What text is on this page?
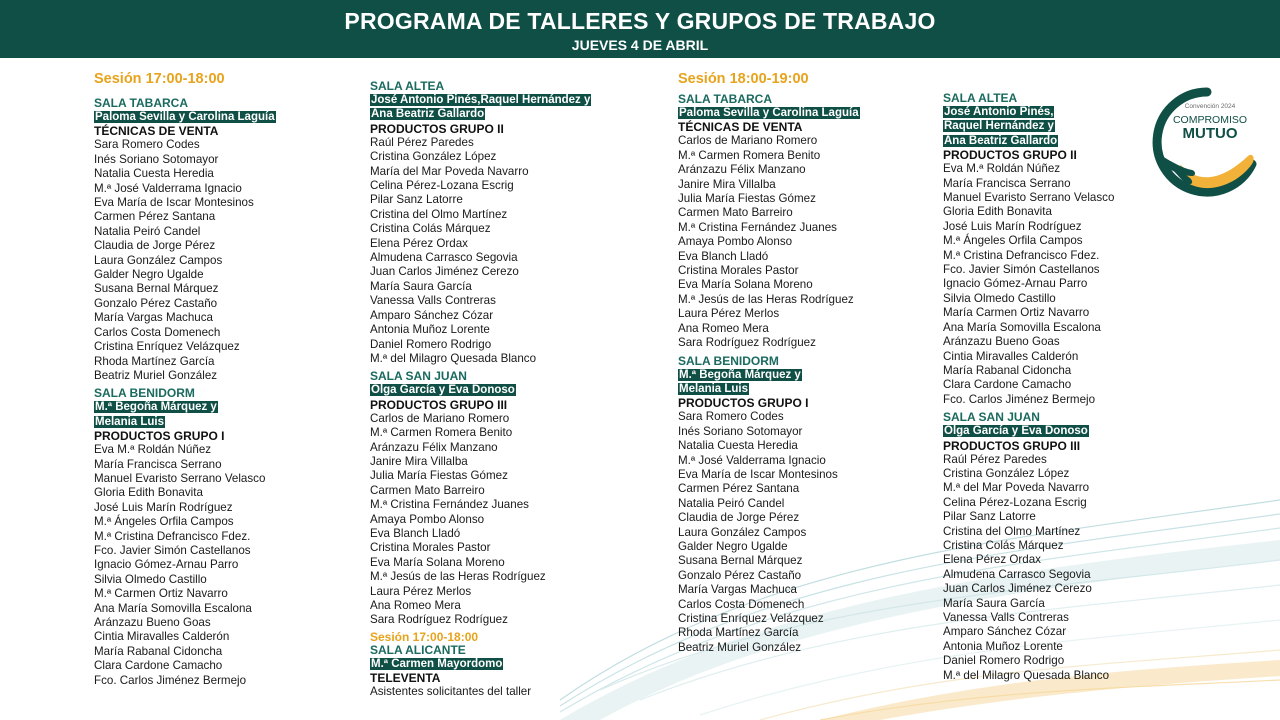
PROGRAMA DE TALLERES Y GRUPOS DE TRABAJO
JUEVES 4 DE ABRIL
Sesión 17:00-18:00
SALA TABARCA
Paloma Sevilla y Carolina Laguía
TÉCNICAS DE VENTA
Sara Romero Codes
Inés Soriano Sotomayor
Natalia Cuesta Heredia
M.ª José Valderrama Ignacio
Eva María de Iscar Montesinos
Carmen Pérez Santana
Natalia Peiró Candel
Claudia de Jorge Pérez
Laura González Campos
Galder Negro Ugalde
Susana Bernal Márquez
Gonzalo Pérez Castaño
María Vargas Machuca
Carlos Costa Domenech
Cristina Enríquez Velázquez
Rhoda Martínez García
Beatriz Muriel González
SALA BENIDORM
M.ª Begoña Márquez y Melania Luis
PRODUCTOS GRUPO I
Eva M.ª Roldán Núñez
María Francisca Serrano
Manuel Evaristo Serrano Velasco
Gloria Edith Bonavita
José Luis Marín Rodríguez
M.ª Ángeles Orfila Campos
M.ª Cristina Defrancisco Fdez.
Fco. Javier Simón Castellanos
Ignacio Gómez-Arnau Parro
Silvia Olmedo Castillo
M.ª Carmen Ortiz Navarro
Ana María Somovilla Escalona
Aránzazu Bueno Goas
Cintia Miravalles Calderón
María Rabanal Cidoncha
Clara Cardone Camacho
Fco. Carlos Jiménez Bermejo
SALA ALTEA
José Antonio Pinés,Raquel Hernández y Ana Beatriz Gallardo
PRODUCTOS GRUPO II
Raúl Pérez Paredes
Cristina González López
María del Mar Poveda Navarro
Celina Pérez-Lozana Escrig
Pilar Sanz Latorre
Cristina del Olmo Martínez
Cristina Colás Márquez
Elena Pérez Ordax
Almudena Carrasco Segovia
Juan Carlos Jiménez Cerezo
María Saura García
Vanessa Valls Contreras
Amparo Sánchez Cózar
Antonia Muñoz Lorente
Daniel Romero Rodrigo
M.ª del Milagro Quesada Blanco
SALA SAN JUAN
Olga García y Eva Donoso
PRODUCTOS GRUPO III
Carlos de Mariano Romero
M.ª Carmen Romera Benito
Aránzazu Félix Manzano
Janire Mira Villalba
Julia María Fiestas Gómez
Carmen Mato Barreiro
M.ª Cristina Fernández Juanes
Amaya Pombo Alonso
Eva Blanch Lladó
Cristina Morales Pastor
Eva María Solana Moreno
M.ª Jesús de las Heras Rodríguez
Laura Pérez Merlos
Ana Romeo Mera
Sara Rodríguez Rodríguez
Sesión 17:00-18:00
SALA ALICANTE
M.ª Carmen Mayordomo
TELEVENTA
Asistentes solicitantes del taller
Sesión 18:00-19:00
SALA TABARCA
Paloma Sevilla y Carolina Laguía
TÉCNICAS DE VENTA
Carlos de Mariano Romero
M.ª Carmen Romera Benito
Aránzazu Félix Manzano
Janire Mira Villalba
Julia María Fiestas Gómez
Carmen Mato Barreiro
M.ª Cristina Fernández Juanes
Amaya Pombo Alonso
Eva Blanch Lladó
Cristina Morales Pastor
Eva María Solana Moreno
M.ª Jesús de las Heras Rodríguez
Laura Pérez Merlos
Ana Romeo Mera
Sara Rodríguez Rodríguez
SALA BENIDORM
M.ª Begoña Márquez y Melania Luis
PRODUCTOS GRUPO I
Sara Romero Codes
Inés Soriano Sotomayor
Natalia Cuesta Heredia
M.ª José Valderrama Ignacio
Eva María de Iscar Montesinos
Carmen Pérez Santana
Natalia Peiró Candel
Claudia de Jorge Pérez
Laura González Campos
Galder Negro Ugalde
Susana Bernal Márquez
Gonzalo Pérez Castaño
María Vargas Machuca
Carlos Costa Domenech
Cristina Enríquez Velázquez
Rhoda Martínez García
Beatriz Muriel González
SALA ALTEA
José Antonio Pinés, Raquel Hernández y Ana Beatriz Gallardo
PRODUCTOS GRUPO II
Eva M.ª Roldán Núñez
María Francisca Serrano
Manuel Evaristo Serrano Velasco
Gloria Edith Bonavita
José Luis Marín Rodríguez
M.ª Ángeles Orfila Campos
M.ª Cristina Defrancisco Fdez.
Fco. Javier Simón Castellanos
Ignacio Gómez-Arnau Parro
Silvia Olmedo Castillo
María Carmen Ortiz Navarro
Ana María Somovilla Escalona
Aránzazu Bueno Goas
Cintia Miravalles Calderón
María Rabanal Cidoncha
Clara Cardone Camacho
Fco. Carlos Jiménez Bermejo
SALA SAN JUAN
Olga García y Eva Donoso
PRODUCTOS GRUPO III
Raúl Pérez Paredes
Cristina González López
M.ª del Mar Poveda Navarro
Celina Pérez-Lozana Escrig
Pilar Sanz Latorre
Cristina del Olmo Martínez
Cristina Colás Márquez
Elena Pérez Ordax
Almudena Carrasco Segovia
Juan Carlos Jiménez Cerezo
María Saura García
Vanessa Valls Contreras
Amparo Sánchez Cózar
Antonia Muñoz Lorente
Daniel Romero Rodrigo
M.ª del Milagro Quesada Blanco
Convención 2024
COMPROMISO
MUTUO
